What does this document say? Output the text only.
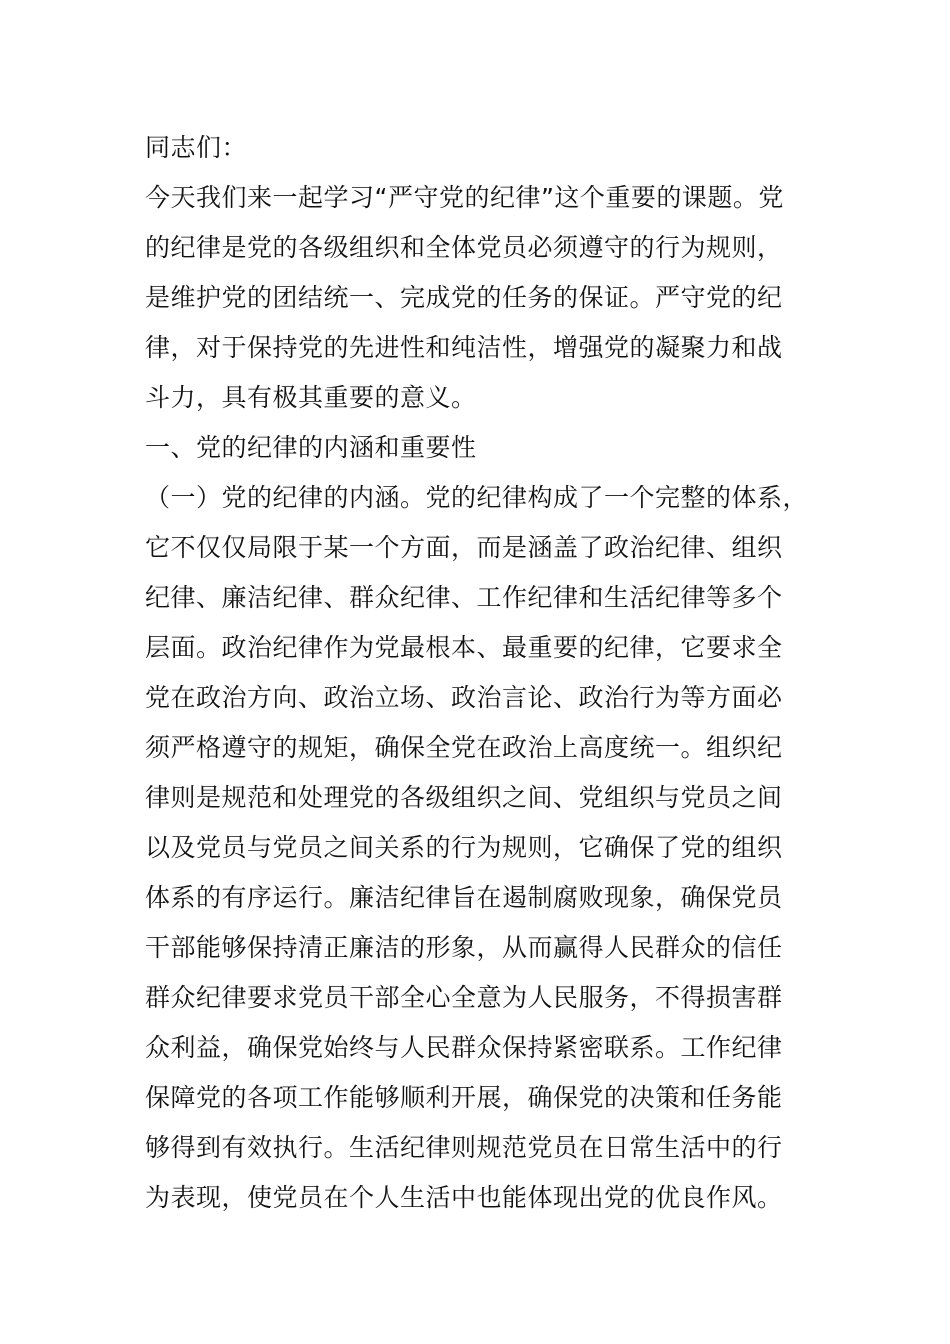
同志们：
今天我们来一起学习“严守党的纪律”这个重要的课题。党
的纪律是党的各级组织和全体党员必须遵守的行为规则，
是维护党的团结统一、完成党的任务的保证。严守党的纪
律，对于保持党的先进性和纯洁性，增强党的凝聚力和战
斗力，具有极其重要的意义。
一、党的纪律的内涵和重要性
（一）党的纪律的内涵。党的纪律构成了一个完整的体系，
它不仅仅局限于某一个方面，而是涵盖了政治纪律、组织
纪律、廉洁纪律、群众纪律、工作纪律和生活纪律等多个
层面。政治纪律作为党最根本、最重要的纪律，它要求全
党在政治方向、政治立场、政治言论、政治行为等方面必
须严格遵守的规矩，确保全党在政治上高度统一。组织纪
律则是规范和处理党的各级组织之间、党组织与党员之间
以及党员与党员之间关系的行为规则，它确保了党的组织
体系的有序运行。廉洁纪律旨在遏制腐败现象，确保党员
干部能够保持清正廉洁的形象，从而赢得人民群众的信任
群众纪律要求党员干部全心全意为人民服务，不得损害群
众利益，确保党始终与人民群众保持紧密联系。工作纪律
保障党的各项工作能够顺利开展，确保党的决策和任务能
够得到有效执行。生活纪律则规范党员在日常生活中的行
为表现，使党员在个人生活中也能体现出党的优良作风。
